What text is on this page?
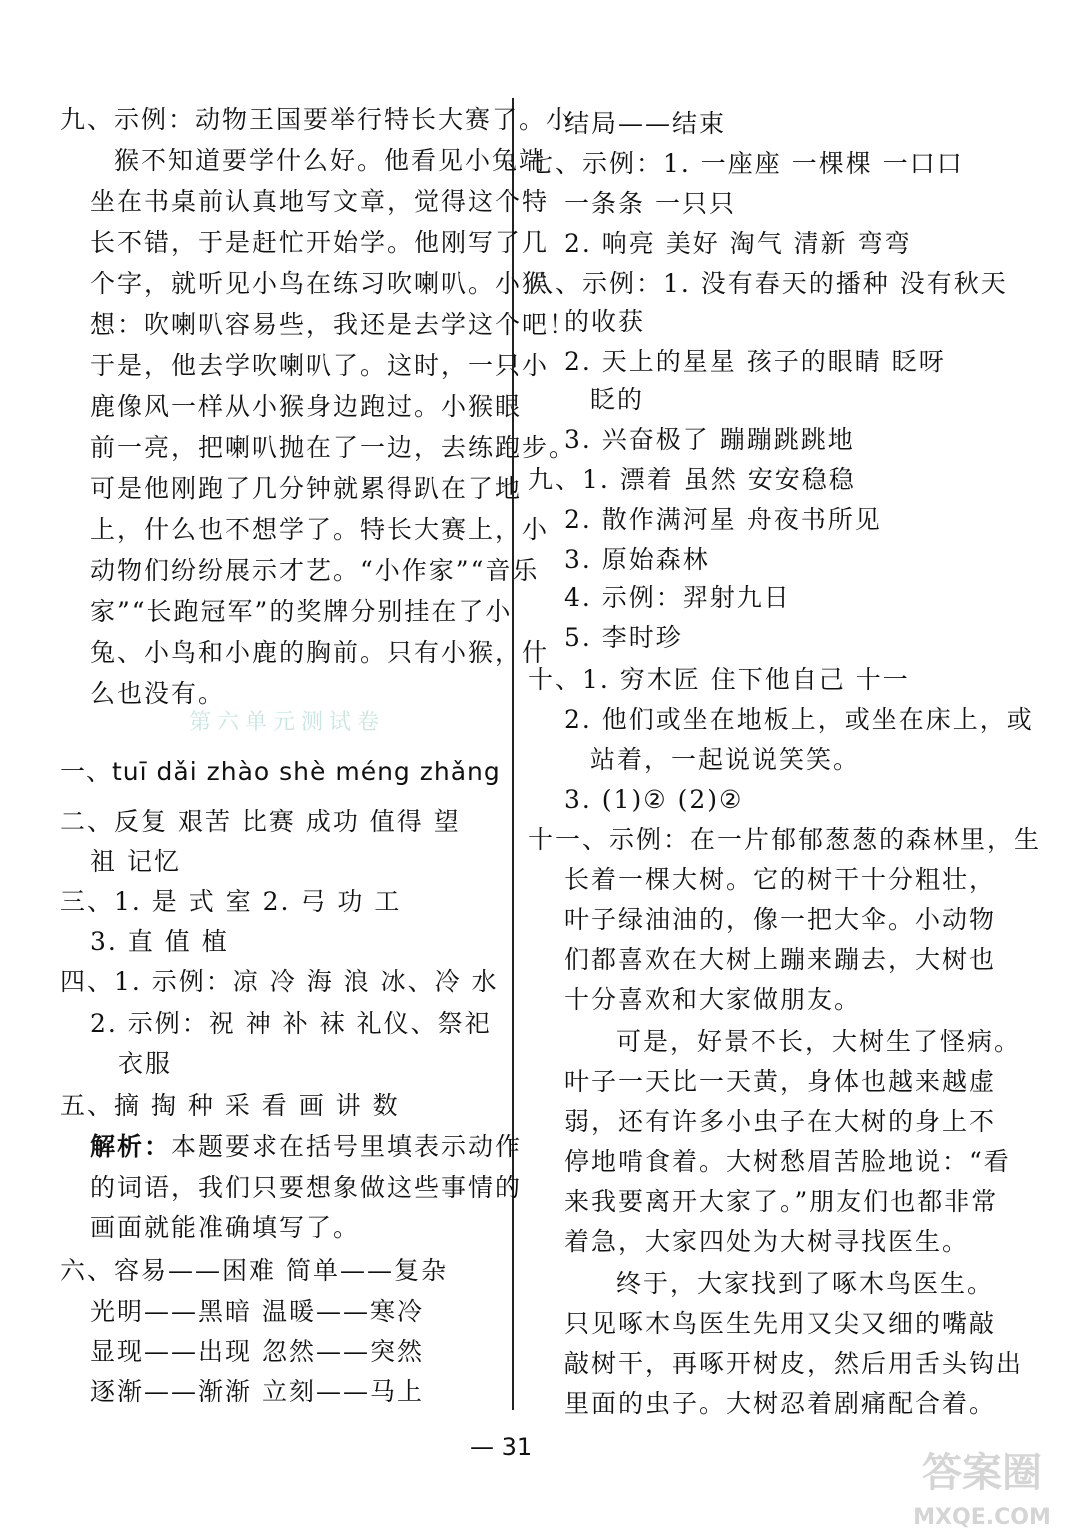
九、示例：动物王国要举行特长大赛了。小
猴不知道要学什么好。他看见小兔端
坐在书桌前认真地写文章，觉得这个特
长不错，于是赶忙开始学。他刚写了几
个字，就听见小鸟在练习吹喇叭。小猴
想：吹喇叭容易些，我还是去学这个吧！
于是，他去学吹喇叭了。这时，一只小
鹿像风一样从小猴身边跑过。小猴眼
前一亮，把喇叭抛在了一边，去练跑步。
可是他刚跑了几分钟就累得趴在了地
上，什么也不想学了。特长大赛上，小
动物们纷纷展示才艺。“小作家”“音乐
家”“长跑冠军”的奖牌分别挂在了小
兔、小鸟和小鹿的胸前。只有小猴，什
么也没有。
第六单元测试卷
一、tuī dǎi zhào shè méng zhǎng
二、反复 艰苦 比赛 成功 值得 望
祖 记忆
三、1. 是 式 室 2. 弓 功 工
3. 直 值 植
四、1. 示例：凉 冷 海 浪 冰、冷 水
2. 示例：祝 神 补 袜 礼仪、祭祀
衣服
五、摘 掏 种 采 看 画 讲 数
解析：本题要求在括号里填表示动作
的词语，我们只要想象做这些事情的
画面就能准确填写了。
六、容易——困难 简单——复杂
光明——黑暗 温暖——寒冷
显现——出现 忽然——突然
逐渐——渐渐 立刻——马上
结局——结束
七、示例：1. 一座座 一棵棵 一口口
一条条 一只只
2. 响亮 美好 淘气 清新 弯弯
八、示例：1. 没有春天的播种 没有秋天
的收获
2. 天上的星星 孩子的眼睛 眨呀
眨的
3. 兴奋极了 蹦蹦跳跳地
九、1. 漂着 虽然 安安稳稳
2. 散作满河星 舟夜书所见
3. 原始森林
4. 示例：羿射九日
5. 李时珍
十、1. 穷木匠 住下他自己 十一
2. 他们或坐在地板上，或坐在床上，或
站着，一起说说笑笑。
3. (1)② (2)②
十一、示例：在一片郁郁葱葱的森林里，生
长着一棵大树。它的树干十分粗壮，
叶子绿油油的，像一把大伞。小动物
们都喜欢在大树上蹦来蹦去，大树也
十分喜欢和大家做朋友。
可是，好景不长，大树生了怪病。
叶子一天比一天黄，身体也越来越虚
弱，还有许多小虫子在大树的身上不
停地啃食着。大树愁眉苦脸地说：“看
来我要离开大家了。”朋友们也都非常
着急，大家四处为大树寻找医生。
终于，大家找到了啄木鸟医生。
只见啄木鸟医生先用又尖又细的嘴敲
敲树干，再啄开树皮，然后用舌头钩出
里面的虫子。大树忍着剧痛配合着。
— 31
答案圈
MXQE.COM
